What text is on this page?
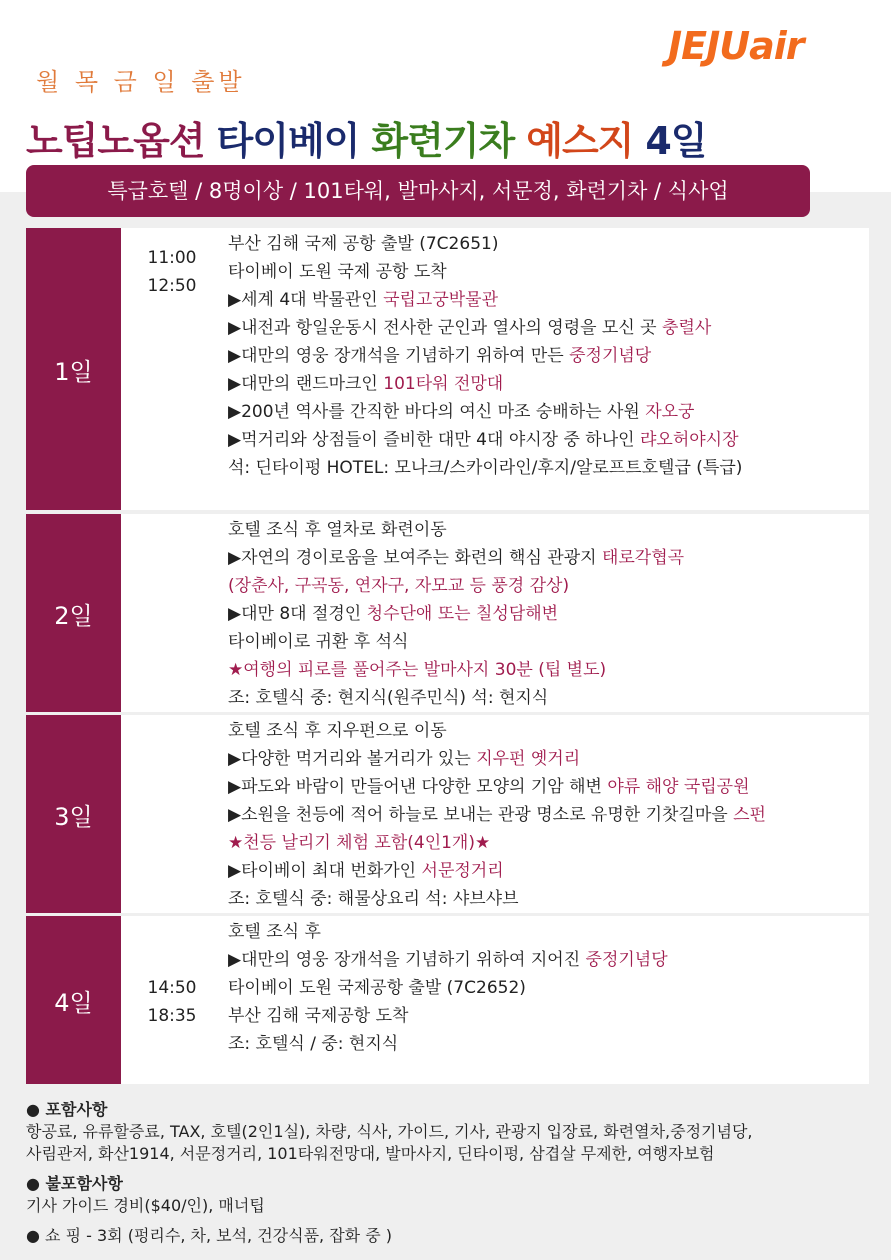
월 목 금 일 출발
JEJUair
노팁노옵션 타이베이 화련기차 예스지 4일
특급호텔 / 8명이상 / 101타워, 발마사지, 서문정, 화련기차 / 식사업
1일
11:00
12:50
부산 김해 국제 공항 출발 (7C2651)
타이베이 도원 국제 공항 도착
▶세계 4대 박물관인 국립고궁박물관
▶내전과 항일운동시 전사한 군인과 열사의 영령을 모신 곳 충렬사
▶대만의 영웅 장개석을 기념하기 위하여 만든 중정기념당
▶대만의 랜드마크인 101타워 전망대
▶200년 역사를 간직한 바다의 여신 마조 숭배하는 사원 자오궁
▶먹거리와 상점들이 즐비한 대만 4대 야시장 중 하나인 랴오허야시장
석: 딘타이펑 HOTEL: 모나크/스카이라인/후지/알로프트호텔급 (특급)
2일
호텔 조식 후 열차로 화련이동
▶자연의 경이로움을 보여주는 화련의 핵심 관광지 태로각협곡
(장춘사, 구곡동, 연자구, 자모교 등 풍경 감상)
▶대만 8대 절경인 청수단애 또는 칠성담해변
타이베이로 귀환 후 석식
★여행의 피로를 풀어주는 발마사지 30분 (팁 별도)
조: 호텔식 중: 현지식(원주민식) 석: 현지식
3일
호텔 조식 후 지우펀으로 이동
▶다양한 먹거리와 볼거리가 있는 지우펀 옛거리
▶파도와 바람이 만들어낸 다양한 모양의 기암 해변 야류 해양 국립공원
▶소원을 천등에 적어 하늘로 보내는 관광 명소로 유명한 기찻길마을 스펀
★천등 날리기 체험 포함(4인1개)★
▶타이베이 최대 번화가인 서문정거리
조: 호텔식 중: 해물상요리 석: 샤브샤브
4일
14:50
18:35
호텔 조식 후
▶대만의 영웅 장개석을 기념하기 위하여 지어진 중정기념당
타이베이 도원 국제공항 출발 (7C2652)
부산 김해 국제공항 도착
조: 호텔식 / 중: 현지식

● 포함사항

항공료, 유류할증료, TAX, 호텔(2인1실), 차량, 식사, 가이드, 기사, 관광지 입장료, 화련열차,중정기념당,

사림관저, 화산1914, 서문정거리, 101타워전망대, 발마사지, 딘타이펑, 삼겹살 무제한, 여행자보험

● 불포함사항

기사 가이드 경비($40/인), 매너팁

● 쇼 핑 - 3회 (펑리수, 차, 보석, 건강식품, 잡화 중 )
